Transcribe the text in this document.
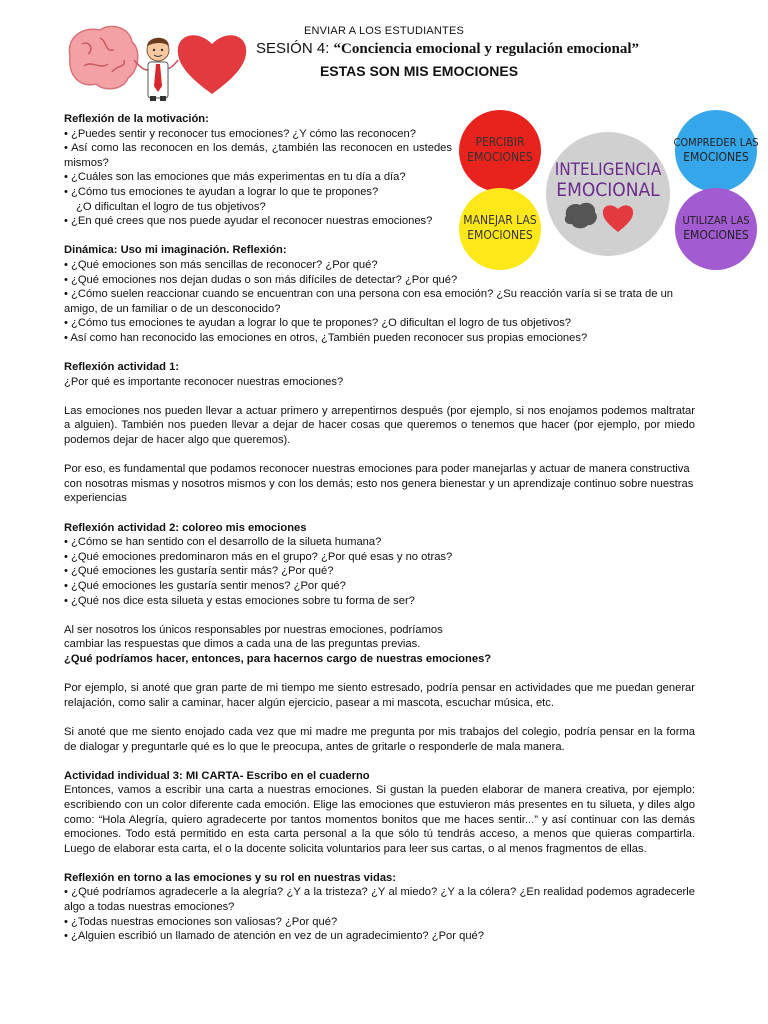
ENVIAR A LOS ESTUDIANTES
SESIÓN 4: “Conciencia emocional y regulación emocional”
ESTAS SON MIS EMOCIONES
INTELIGENCIA
EMOCIONAL
PERCIBIR
EMOCIONES
COMPREDER LAS
EMOCIONES
MANEJAR LAS
EMOCIONES
UTILIZAR LAS
EMOCIONES

Reflexión de la motivación:

• ¿Puedes sentir y reconocer tus emociones? ¿Y cómo las reconocen?

• Así como las reconocen en los demás, ¿también las reconocen en ustedes mismos?

• ¿Cuáles son las emociones que más experimentas en tu día a día?

• ¿Cómo tus emociones te ayudan a lograr lo que te propones?

¿O dificultan el logro de tus objetivos?

• ¿En qué crees que nos puede ayudar el reconocer nuestras emociones?

Dinámica: Uso mi imaginación. Reflexión:

• ¿Qué emociones son más sencillas de reconocer? ¿Por qué?

• ¿Qué emociones nos dejan dudas o son más difíciles de detectar? ¿Por qué?

• ¿Cómo suelen reaccionar cuando se encuentran con una persona con esa emoción? ¿Su reacción varía si se trata de un amigo, de un familiar o de un desconocido?

• ¿Cómo tus emociones te ayudan a lograr lo que te propones? ¿O dificultan el logro de tus objetivos?

• Así como han reconocido las emociones en otros, ¿También pueden reconocer sus propias emociones?

Reflexión actividad 1:

¿Por qué es importante reconocer nuestras emociones?

Las emociones nos pueden llevar a actuar primero y arrepentirnos después (por ejemplo, si nos enojamos podemos maltratar a alguien). También nos pueden llevar a dejar de hacer cosas que queremos o tenemos que hacer (por ejemplo, por miedo podemos dejar de hacer algo que queremos).

Por eso, es fundamental que podamos reconocer nuestras emociones para poder manejarlas y actuar de manera constructiva con nosotras mismas y nosotros mismos y con los demás; esto nos genera bienestar y un aprendizaje continuo sobre nuestras experiencias

Reflexión actividad 2: coloreo mis emociones

• ¿Cómo se han sentido con el desarrollo de la silueta humana?

• ¿Qué emociones predominaron más en el grupo? ¿Por qué esas y no otras?

• ¿Qué emociones les gustaría sentir más? ¿Por qué?

• ¿Qué emociones les gustaría sentir menos? ¿Por qué?

• ¿Qué nos dice esta silueta y estas emociones sobre tu forma de ser?

Al ser nosotros los únicos responsables por nuestras emociones, podríamos

cambiar las respuestas que dimos a cada una de las preguntas previas.

¿Qué podríamos hacer, entonces, para hacernos cargo de nuestras emociones?

Por ejemplo, si anoté que gran parte de mi tiempo me siento estresado, podría pensar en actividades que me puedan generar relajación, como salir a caminar, hacer algún ejercicio, pasear a mi mascota, escuchar música, etc.

Si anoté que me siento enojado cada vez que mi madre me pregunta por mis trabajos del colegio, podría pensar en la forma de dialogar y preguntarle qué es lo que le preocupa, antes de gritarle o responderle de mala manera.

Actividad individual 3: MI CARTA- Escribo en el cuaderno

Entonces, vamos a escribir una carta a nuestras emociones. Si gustan la pueden elaborar de manera creativa, por ejemplo: escribiendo con un color diferente cada emoción. Elige las emociones que estuvieron más presentes en tu silueta, y diles algo como: “Hola Alegría, quiero agradecerte por tantos momentos bonitos que me haces sentir...” y así continuar con las demás emociones. Todo está permitido en esta carta personal a la que sólo tú tendrás acceso, a menos que quieras compartirla. Luego de elaborar esta carta, el o la docente solicita voluntarios para leer sus cartas, o al menos fragmentos de ellas.

Reflexión en torno a las emociones y su rol en nuestras vidas:

• ¿Qué podríamos agradecerle a la alegría? ¿Y a la tristeza? ¿Y al miedo? ¿Y a la cólera? ¿En realidad podemos agradecerle algo a todas nuestras emociones?

• ¿Todas nuestras emociones son valiosas? ¿Por qué?

• ¿Alguien escribió un llamado de atención en vez de un agradecimiento? ¿Por qué?
